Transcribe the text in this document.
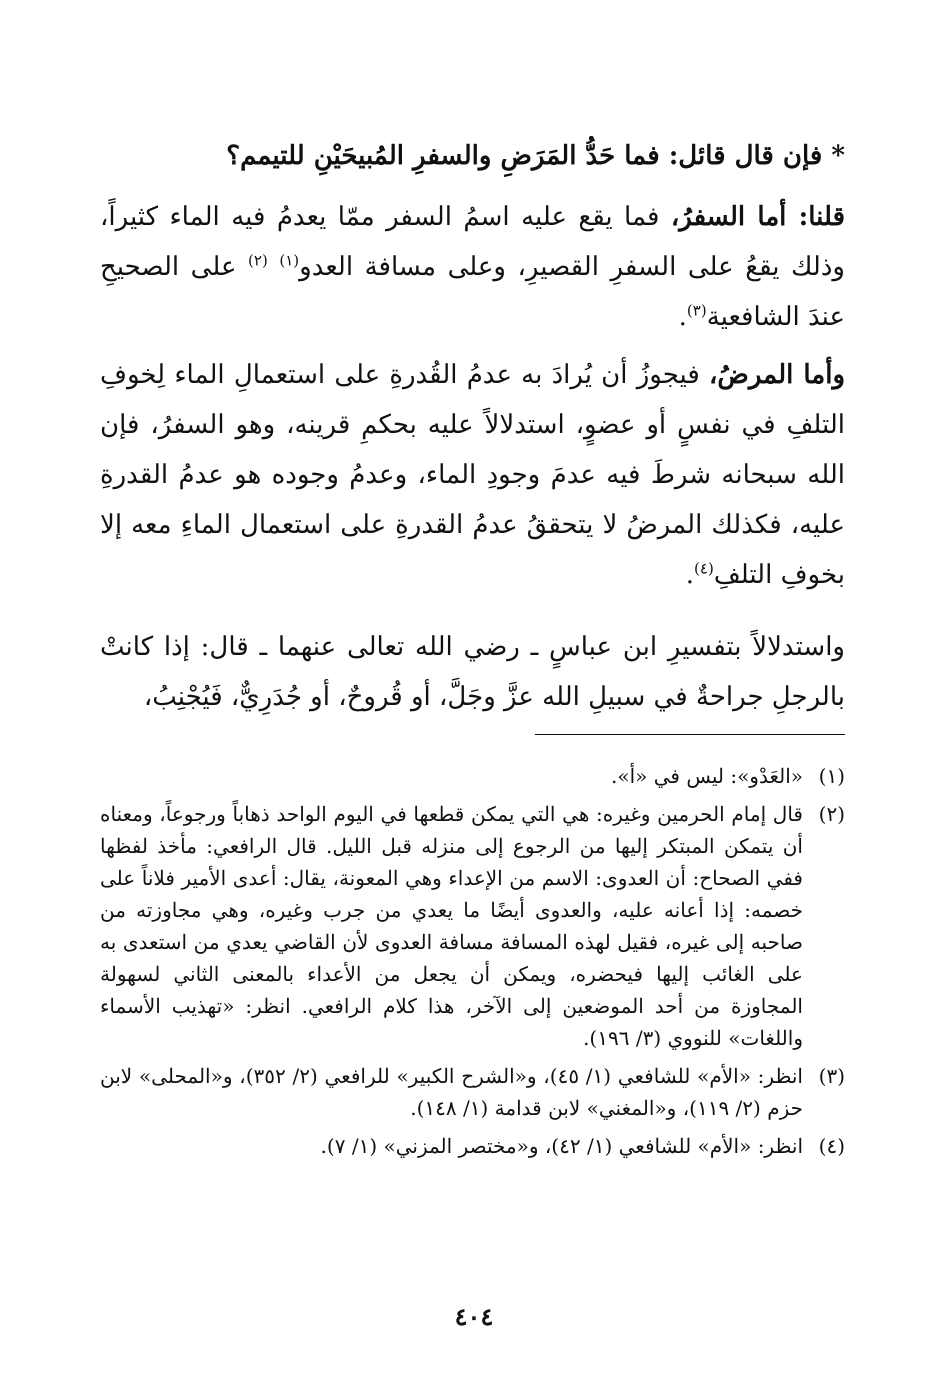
* فإن قال قائل: فما حَدُّ المَرَضِ والسفرِ المُبيحَيْنِ للتيمم؟
قلنا: أما السفرُ، فما يقع عليه اسمُ السفر ممّا يعدمُ فيه الماء كثيراً، وذلك يقعُ على السفرِ القصيرِ، وعلى مسافة العدو$^{(١)}$ $^{(٢)}$ على الصحيحِ عندَ الشافعية$^{(٣)}$.
وأما المرضُ، فيجوزُ أن يُرادَ به عدمُ القُدرةِ على استعمالِ الماء لِخوفِ التلفِ في نفسٍ أو عضوٍ، استدلالاً عليه بحكمِ قرينه، وهو السفرُ، فإن الله سبحانه شرطَ فيه عدمَ وجودِ الماء، وعدمُ وجوده هو عدمُ القدرةِ عليه، فكذلك المرضُ لا يتحققُ عدمُ القدرةِ على استعمال الماءِ معه إلا بخوفِ التلفِ$^{(٤)}$.
واستدلالاً بتفسيرِ ابن عباسٍ ـ رضي الله تعالى عنهما ـ قال: إذا كانتْ بالرجلِ جراحةٌ في سبيلِ الله عزَّ وجَلَّ، أو قُروحٌ، أو جُدَرِيٌّ، فَيُجْنِبُ،
(١)
«العَدْو»: ليس في «أ».
(٢)
قال إمام الحرمين وغيره: هي التي يمكن قطعها في اليوم الواحد ذهاباً ورجوعاً، ومعناه أن يتمكن المبتكر إليها من الرجوع إلى منزله قبل الليل. قال الرافعي: مأخذ لفظها ففي الصحاح: أن العدوى: الاسم من الإعداء وهي المعونة، يقال: أعدى الأمير فلاناً على خصمه: إذا أعانه عليه، والعدوى أيضًا ما يعدي من جرب وغيره، وهي مجاوزته من صاحبه إلى غيره، فقيل لهذه المسافة مسافة العدوى لأن القاضي يعدي من استعدى به على الغائب إليها فيحضره، ويمكن أن يجعل من الأعداء بالمعنى الثاني لسهولة المجاوزة من أحد الموضعين إلى الآخر، هذا كلام الرافعي. انظر: «تهذيب الأسماء واللغات» للنووي (٣/ ١٩٦).
(٣)
انظر: «الأم» للشافعي (١/ ٤٥)، و«الشرح الكبير» للرافعي (٢/ ٣٥٢)، و«المحلى» لابن حزم (٢/ ١١٩)، و«المغني» لابن قدامة (١/ ١٤٨).
(٤)
انظر: «الأم» للشافعي (١/ ٤٢)، و«مختصر المزني» (١/ ٧).
٤٠٤
